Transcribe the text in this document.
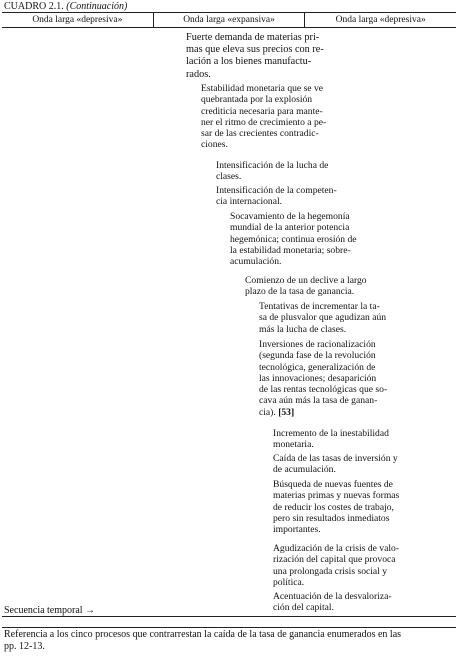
CUADRO 2.1. (Continuación)
Onda larga «depresiva»	Onda larga «expansiva»	Onda larga «depresiva»
Fuerte demanda de materias pri-
mas que eleva sus precios con re-
lación a los bienes manufactu-
rados.
Estabilidad monetaria que se ve
quebrantada por la explosión
crediticia necesaria para mante-
ner el ritmo de crecimiento a pe-
sar de las crecientes contradic-
ciones.
Intensificación de la lucha de
clases.
Intensificación de la competen-
cia internacional.
Socavamiento de la hegemonía
mundial de la anterior potencia
hegemónica; continua erosión de
la estabilidad monetaria; sobre-
acumulación.
Comienzo de un declive a largo
plazo de la tasa de ganancia.
Tentativas de incrementar la ta-
sa de plusvalor que agudizan aún
más la lucha de clases.
Inversiones de racionalización
(segunda fase de la revolución
tecnológica, generalización de
las innovaciones; desaparición
de las rentas tecnológicas que so-
cava aún más la tasa de ganan-
cia). [53]
Incremento de la inestabilidad
monetaria.
Caída de las tasas de inversión y
de acumulación.
Búsqueda de nuevas fuentes de
materias primas y nuevas formas
de reducir los costes de trabajo,
pero sin resultados inmediatos
importantes.
Agudización de la crisis de valo-
rización del capital que provoca
una prolongada crisis social y
política.
Acentuación de la desvaloriza-
ción del capital.
Secuencia temporal →
Referencia a los cinco procesos que contrarrestan la caída de la tasa de ganancia enumerados en las
pp. 12-13.
